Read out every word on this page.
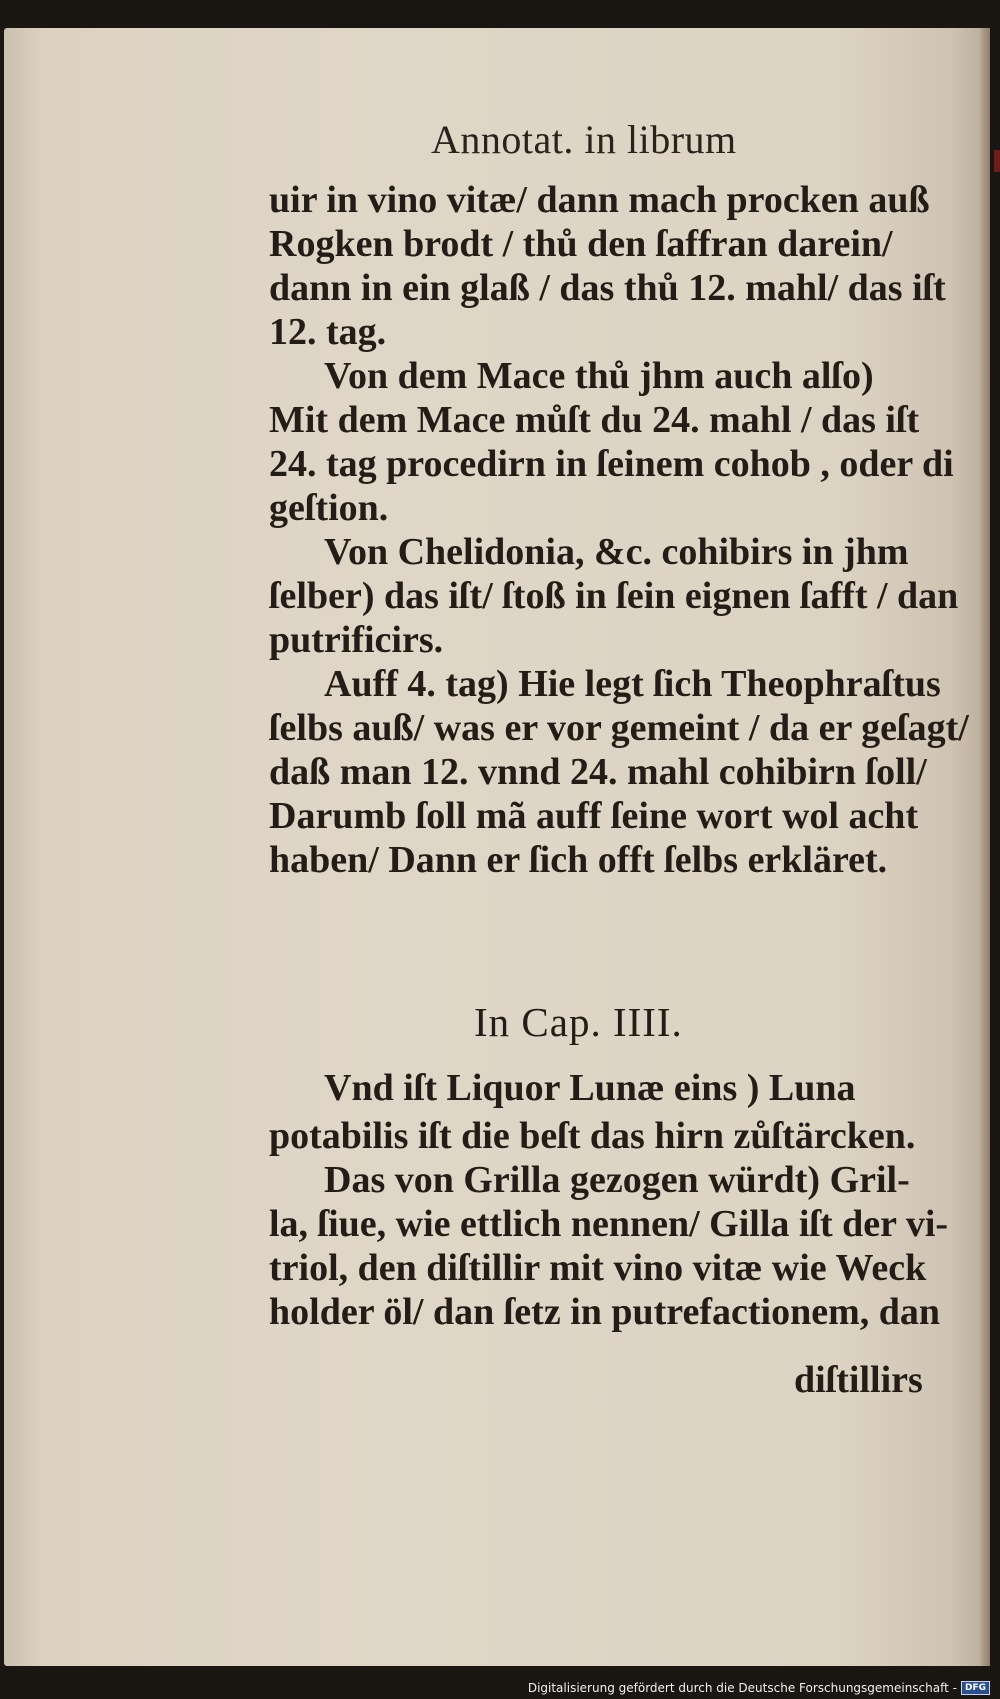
Annotat. in librum
uir in vino vitæ/ dann mach procken auß
Rogken brodt / thů den ſaffran darein/
dann in ein glaß / das thů 12. mahl/ das iſt
12. tag.
Von dem Mace thů jhm auch alſo)
Mit dem Mace můſt du 24. mahl / das iſt
24. tag procedirn in ſeinem cohob , oder di
geſtion.
Von Chelidonia, &c. cohibirs in jhm
ſelber) das iſt/ ſtoß in ſein eignen ſafft / dan
putrificirs.
Auff 4. tag) Hie legt ſich Theophraſtus
ſelbs auß/ was er vor gemeint / da er geſagt/
daß man 12. vnnd 24. mahl cohibirn ſoll/
Darumb ſoll mã auff ſeine wort wol acht
haben/ Dann er ſich offt ſelbs erkläret.
In Cap. IIII.
Vnd iſt Liquor Lunæ eins ) Luna
potabilis iſt die beſt das hirn zůſtärcken.
Das von Grilla gezogen würdt) Gril-
la, ſiue, wie ettlich nennen/ Gilla iſt der vi-
triol, den diſtillir mit vino vitæ wie Weck
holder öl/ dan ſetz in putrefactionem, dan
diſtillirs
Digitalisierung gefördert durch die Deutsche Forschungsgemeinschaft - DFG
